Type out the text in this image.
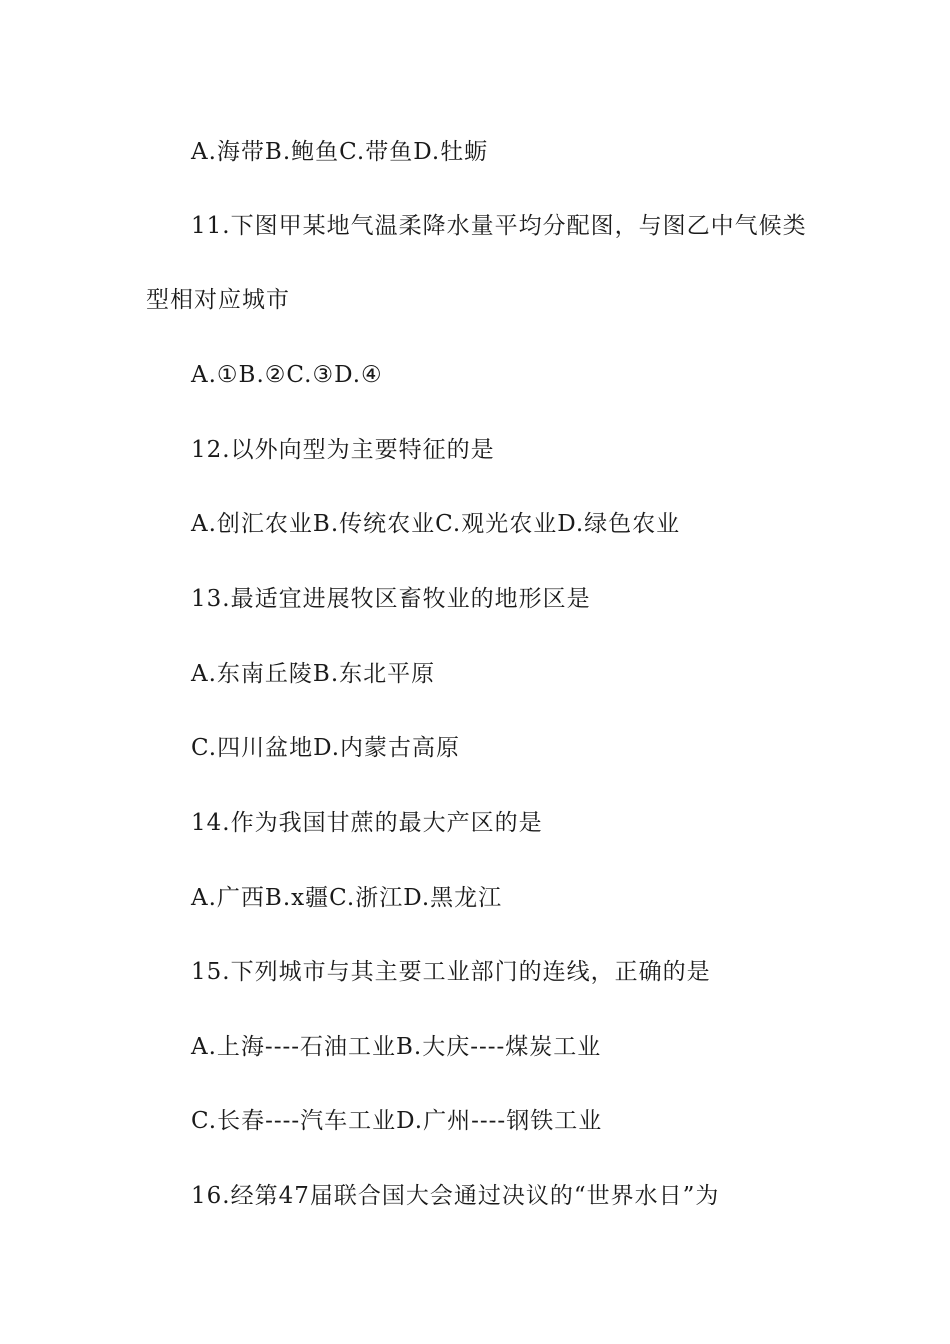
A.海带B.鲍鱼C.带鱼D.牡蛎
11.下图甲某地气温柔降水量平均分配图，与图乙中气候类
型相对应城市
A.①B.②C.③D.④
12.以外向型为主要特征的是
A.创汇农业B.传统农业C.观光农业D.绿色农业
13.最适宜进展牧区畜牧业的地形区是
A.东南丘陵B.东北平原
C.四川盆地D.内蒙古高原
14.作为我国甘蔗的最大产区的是
A.广西B.x疆C.浙江D.黑龙江
15.下列城市与其主要工业部门的连线，正确的是
A.上海----石油工业B.大庆----煤炭工业
C.长春----汽车工业D.广州----钢铁工业
16.经第47届联合国大会通过决议的“世界水日”为
